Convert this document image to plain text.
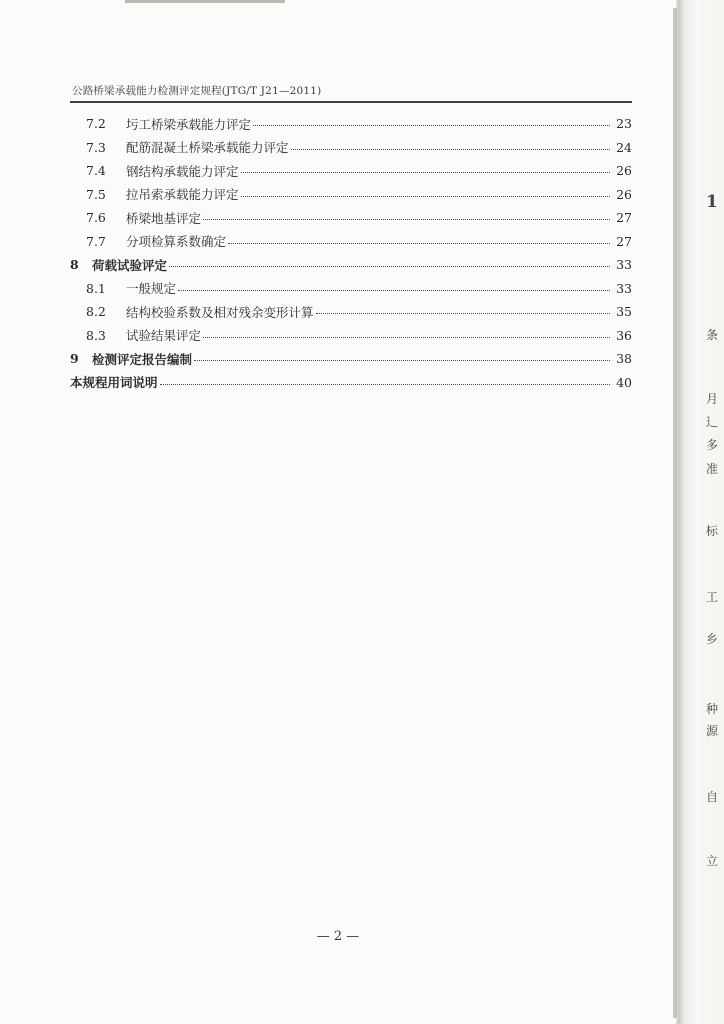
公路桥梁承载能力检测评定规程(JTG/T J21—2011)
7.2	圬工桥梁承载能力评定	23
7.3	配筋混凝土桥梁承载能力评定	24
7.4	钢结构承载能力评定	26
7.5	拉吊索承载能力评定	26
7.6	桥梁地基评定	27
7.7	分项检算系数确定	27
8	荷载试验评定	33
8.1	一般规定	33
8.2	结构校验系数及相对残余变形计算	35
8.3	试验结果评定	36
9	检测评定报告编制	38
本规程用词说明	40
— 2 —
1
条
月
辶
多
准
标
工
乡
种
源
自
立
